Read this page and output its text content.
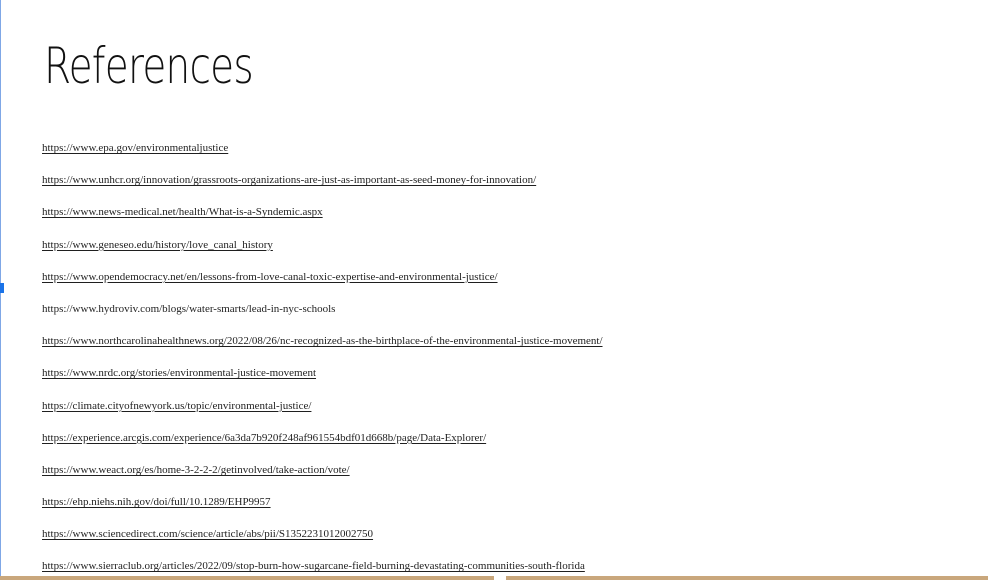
References
https://www.epa.gov/environmentaljustice
https://www.unhcr.org/innovation/grassroots-organizations-are-just-as-important-as-seed-money-for-innovation/
https://www.news-medical.net/health/What-is-a-Syndemic.aspx
https://www.geneseo.edu/history/love_canal_history
https://www.opendemocracy.net/en/lessons-from-love-canal-toxic-expertise-and-environmental-justice/
https://www.hydroviv.com/blogs/water-smarts/lead-in-nyc-schools
https://www.northcarolinahealthnews.org/2022/08/26/nc-recognized-as-the-birthplace-of-the-environmental-justice-movement/
https://www.nrdc.org/stories/environmental-justice-movement
https://climate.cityofnewyork.us/topic/environmental-justice/
https://experience.arcgis.com/experience/6a3da7b920f248af961554bdf01d668b/page/Data-Explorer/
https://www.weact.org/es/home-3-2-2-2/getinvolved/take-action/vote/
https://ehp.niehs.nih.gov/doi/full/10.1289/EHP9957
https://www.sciencedirect.com/science/article/abs/pii/S1352231012002750
https://www.sierraclub.org/articles/2022/09/stop-burn-how-sugarcane-field-burning-devastating-communities-south-florida
